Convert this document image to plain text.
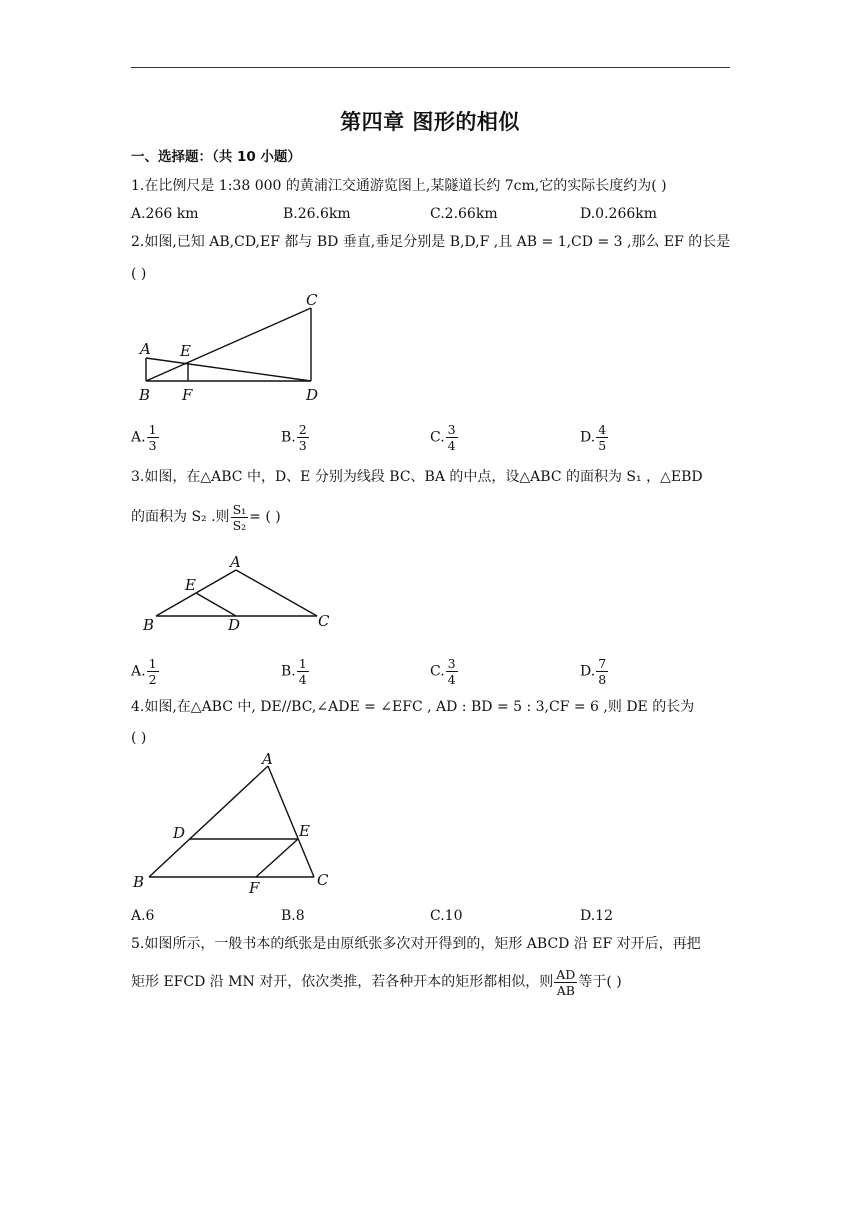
第四章 图形的相似
一、选择题：（共 10 小题）
1.在比例尺是 1:38 000 的黄浦江交通游览图上,某隧道长约 7cm,它的实际长度约为( )
A.266 km	B.26.6km	C.2.66km	D.0.266km
2.如图,已知 AB,CD,EF 都与 BD 垂直,垂足分别是 B,D,F ,且 AB = 1,CD = 3 ,那么 EF 的长是
( )
A E
C
B F	D
A. $\frac{1}{3}$	B. $\frac{2}{3}$	C. $\frac{3}{4}$	D. $\frac{4}{5}$
3.如图，在△ABC 中，D、E 分别为线段 BC、BA 的中点，设△ABC 的面积为 S₁ ，△EBD
的面积为 S₂ .则 $\frac{\text{S₁}}{\text{S₂}}$ = ( )
A
E
B	D	C
A. $\frac{1}{2}$	B. $\frac{1}{4}$	C. $\frac{3}{4}$	D. $\frac{7}{8}$
4.如图,在△ABC 中, DE//BC,∠ADE = ∠EFC , AD : BD = 5 : 3,CF = 6 ,则 DE 的长为
( )
A
D	E
B	F	C
A.6	B.8	C.10	D.12
5.如图所示，一般书本的纸张是由原纸张多次对开得到的，矩形 ABCD 沿 EF 对开后，再把
矩形 EFCD 沿 MN 对开，依次类推，若各种开本的矩形都相似，则 $\frac{AD}{AB}$ 等于( )
